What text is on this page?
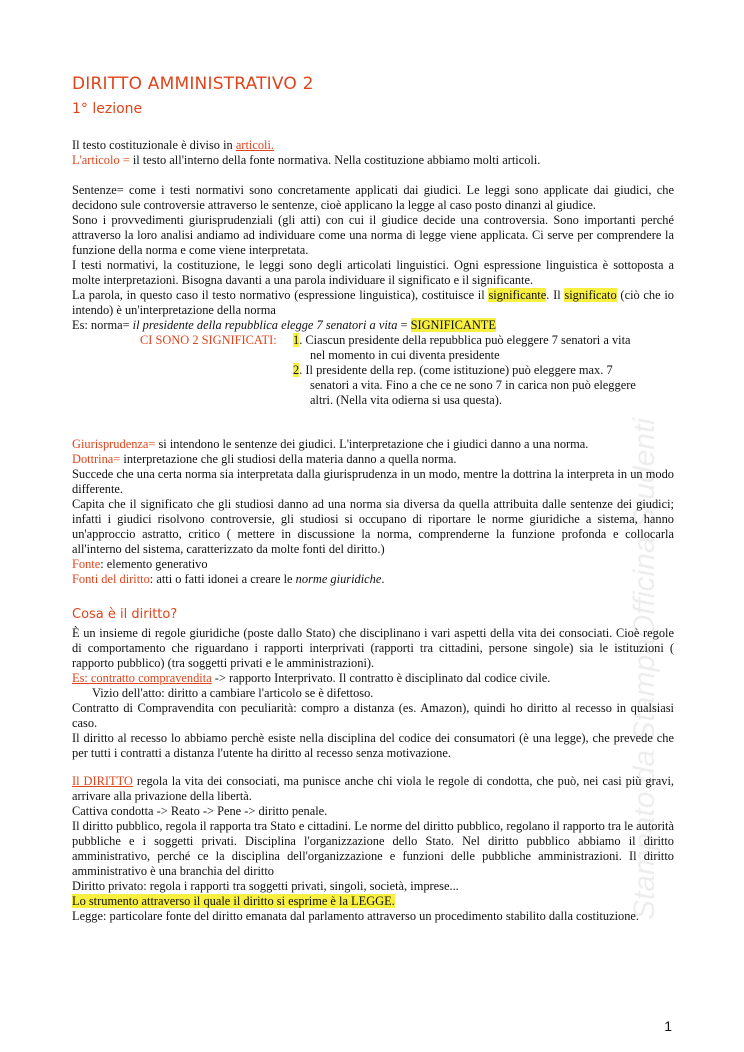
Stampato da StampaOfficina Studenti
DIRITTO AMMINISTRATIVO 2
1° lezione

Il testo costituzionale è diviso in articoli.

L'articolo = il testo all'interno della fonte normativa. Nella costituzione abbiamo molti articoli.

Sentenze= come i testi normativi sono concretamente applicati dai giudici. Le leggi sono applicate dai giudici, che decidono sule controversie attraverso le sentenze, cioè applicano la legge al caso posto dinanzi al giudice.

Sono i provvedimenti giurisprudenziali (gli atti) con cui il giudice decide una controversia. Sono importanti perché attraverso la loro analisi andiamo ad individuare come una norma di legge viene applicata. Ci serve per comprendere la funzione della norma e come viene interpretata.

I testi normativi, la costituzione, le leggi sono degli articolati linguistici. Ogni espressione linguistica è sottoposta a molte interpretazioni. Bisogna davanti a una parola individuare il significato e il significante.

La parola, in questo caso il testo normativo (espressione linguistica), costituisce il significante. Il significato (ciò che io intendo) è un'interpretazione della norma

Es: norma= il presidente della repubblica elegge 7 senatori a vita = SIGNIFICANTE

CI SONO 2 SIGNIFICATI: 1. Ciascun presidente della repubblica può eleggere 7 senatori a vita
nel momento in cui diventa presidente
2. Il presidente della rep. (come istituzione) può eleggere max. 7
senatori a vita. Fino a che ce ne sono 7 in carica non può eleggere
altri. (Nella vita odierna si usa questa).

Giurisprudenza= si intendono le sentenze dei giudici. L'interpretazione che i giudici danno a una norma.

Dottrina= interpretazione che gli studiosi della materia danno a quella norma.

Succede che una certa norma sia interpretata dalla giurisprudenza in un modo, mentre la dottrina la interpreta in un modo differente.

Capita che il significato che gli studiosi danno ad una norma sia diversa da quella attribuita dalle sentenze dei giudici; infatti i giudici risolvono controversie, gli studiosi si occupano di riportare le norme giuridiche a sistema, hanno un'approccio astratto, critico ( mettere in discussione la norma, comprenderne la funzione profonda e collocarla all'interno del sistema, caratterizzato da molte fonti del diritto.)

Fonte: elemento generativo

Fonti del diritto: atti o fatti idonei a creare le norme giuridiche.

Cosa è il diritto?

È un insieme di regole giuridiche (poste dallo Stato) che disciplinano i vari aspetti della vita dei consociati. Cioè regole di comportamento che riguardano i rapporti interprivati (rapporti tra cittadini, persone singole) sia le istituzioni ( rapporto pubblico) (tra soggetti privati e le amministrazioni).

Es: contratto compravendita -> rapporto Interprivato. Il contratto è disciplinato dal codice civile.

Vizio dell'atto: diritto a cambiare l'articolo se è difettoso.

Contratto di Compravendita con peculiarità: compro a distanza (es. Amazon), quindi ho diritto al recesso in qualsiasi caso.

Il diritto al recesso lo abbiamo perchè esiste nella disciplina del codice dei consumatori (è una legge), che prevede che per tutti i contratti a distanza l'utente ha diritto al recesso senza motivazione.

Il DIRITTO regola la vita dei consociati, ma punisce anche chi viola le regole di condotta, che può, nei casi più gravi, arrivare alla privazione della libertà.

Cattiva condotta -> Reato -> Pene -> diritto penale.

Il diritto pubblico, regola il rapporta tra Stato e cittadini. Le norme del diritto pubblico, regolano il rapporto tra le autorità pubbliche e i soggetti privati. Disciplina l'organizzazione dello Stato. Nel diritto pubblico abbiamo il diritto amministrativo, perché ce la disciplina dell'organizzazione e funzioni delle pubbliche amministrazioni. Il diritto amministrativo è una branchia del diritto

Diritto privato: regola i rapporti tra soggetti privati, singoli, società, imprese...

Lo strumento attraverso il quale il diritto si esprime è la LEGGE.

Legge: particolare fonte del diritto emanata dal parlamento attraverso un procedimento stabilito dalla costituzione.

1
